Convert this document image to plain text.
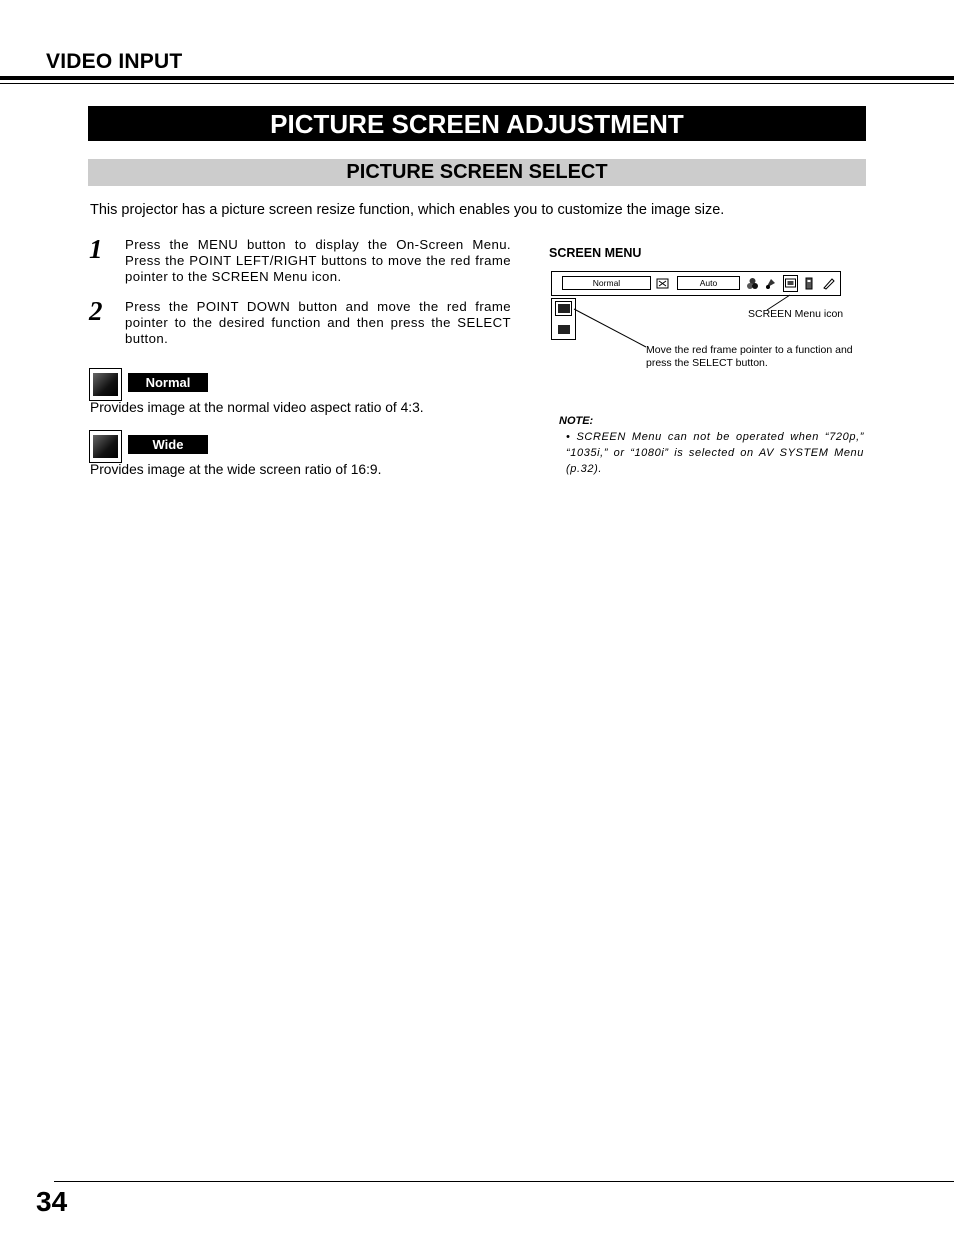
VIDEO INPUT
PICTURE SCREEN ADJUSTMENT
PICTURE SCREEN SELECT
This projector has a picture screen resize function, which enables you to customize the image size.
1 Press the MENU button to display the On-Screen Menu. Press the POINT LEFT/RIGHT buttons to move the red frame pointer to the SCREEN Menu icon.
2 Press the POINT DOWN button and move the red frame pointer to the desired function and then press the SELECT button.
Normal
Provides image at the normal video aspect ratio of 4:3.
Wide
Provides image at the wide screen ratio of 16:9.
SCREEN MENU
Normal	Auto
SCREEN Menu icon
Move the red frame pointer to a function and press the SELECT button.
NOTE:
• SCREEN Menu can not be operated when “720p,” “1035i,” or “1080i” is selected on AV SYSTEM Menu (p.32).
34
